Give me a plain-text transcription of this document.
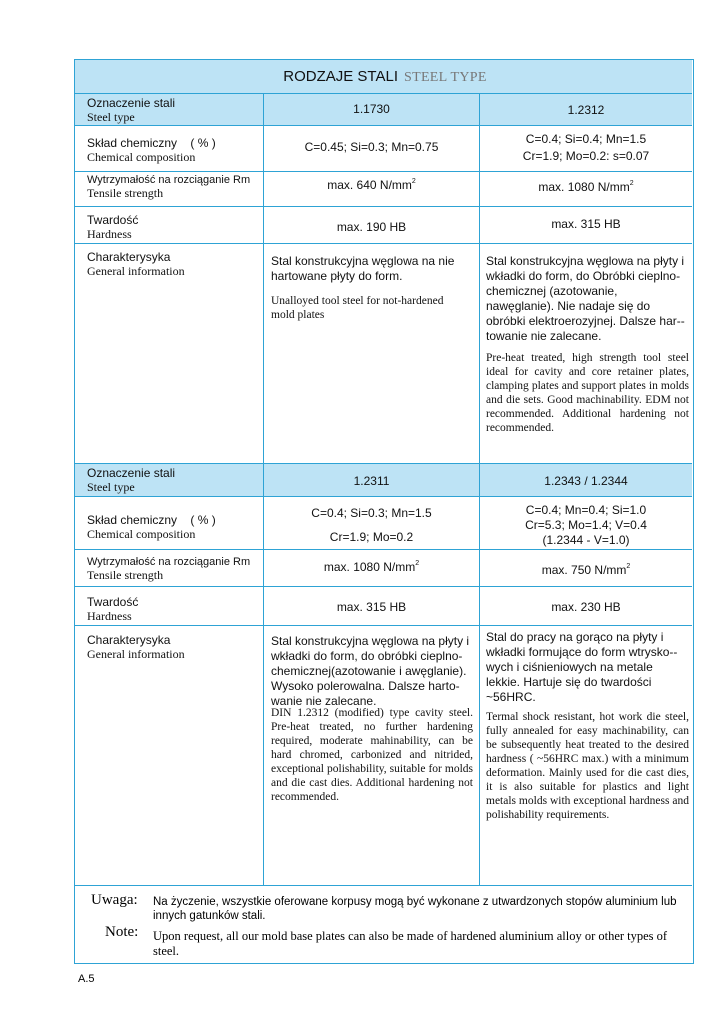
RODZAJE STALI STEEL TYPE
Oznaczenie stali
Steel type
Skład chemiczny    ( % )
Chemical composition
Wytrzymałość na rozciąganie Rm
Tensile strength
Twardość
Hardness
Charakterysyka
General information
1.1730
C=0.45; Si=0.3; Mn=0.75
max. 640 $N/mm^2$
max. 190 HB
Stal konstrukcyjna węglowa na nie hartowane płyty do form.
Unalloyed tool steel for not-hardened mold plates
1.2312
C=0.4; Si=0.4; Mn=1.5
Cr=1.9; Mo=0.2: s=0.07
max. 1080 $N/mm^2$
max. 315 HB
Stal konstrukcyjna węglowa na płyty i wkładki do form, do Obróbki cieplno-chemicznej (azotowanie, nawęglanie). Nie nadaje się do obróbki elektroerozyjnej. Dalsze har--towanie nie zalecane.
Pre-heat treated, high strength tool steel ideal for cavity and core retainer plates, clamping plates and support plates in molds and die sets. Good machinability. EDM not recommended. Additional hardening not recommended.
Oznaczenie stali
Steel type
Skład chemiczny    ( % )
Chemical composition
Wytrzymałość na rozciąganie Rm
Tensile strength
Twardość
Hardness
Charakterysyka
General information
1.2311
C=0.4; Si=0.3; Mn=1.5
Cr=1.9; Mo=0.2
max. 1080 $N/mm^2$
max. 315 HB
Stal konstrukcyjna węglowa na płyty i wkładki do form, do obróbki cieplno-chemicznej(azotowanie i awęglanie). Wysoko polerowalna. Dalsze harto-wanie nie zalecane.
DIN 1.2312 (modified) type cavity steel. Pre-heat treated, no further hardening required, moderate mahinability, can be hard chromed, carbonized and nitrided, exceptional polishability, suitable for molds and die cast dies. Additional hardening not recommended.
1.2343 / 1.2344
C=0.4; Mn=0.4; Si=1.0
Cr=5.3; Mo=1.4; V=0.4
(1.2344 - V=1.0)
max. 750 $N/mm^2$
max. 230 HB
Stal do pracy na gorąco na płyty i wkładki formujące do form wtrysko-- wych i ciśnieniowych na metale lekkie. Hartuje się do twardości ~56HRC.
Termal shock resistant, hot work die steel, fully annealed for easy machinability, can be subsequently heat treated to the desired hardness ( ~56HRC max.) with a minimum deformation. Mainly used for die cast dies, it is also suitable for plastics and light metals molds with exceptional hardness and polishability requirements.
Uwaga: Na życzenie, wszystkie oferowane korpusy mogą być wykonane z utwardzonych stopów aluminium lub innych gatunków stali.
Note: Upon request, all our mold base plates can also be made of hardened aluminium alloy or other types of steel.
A.5
